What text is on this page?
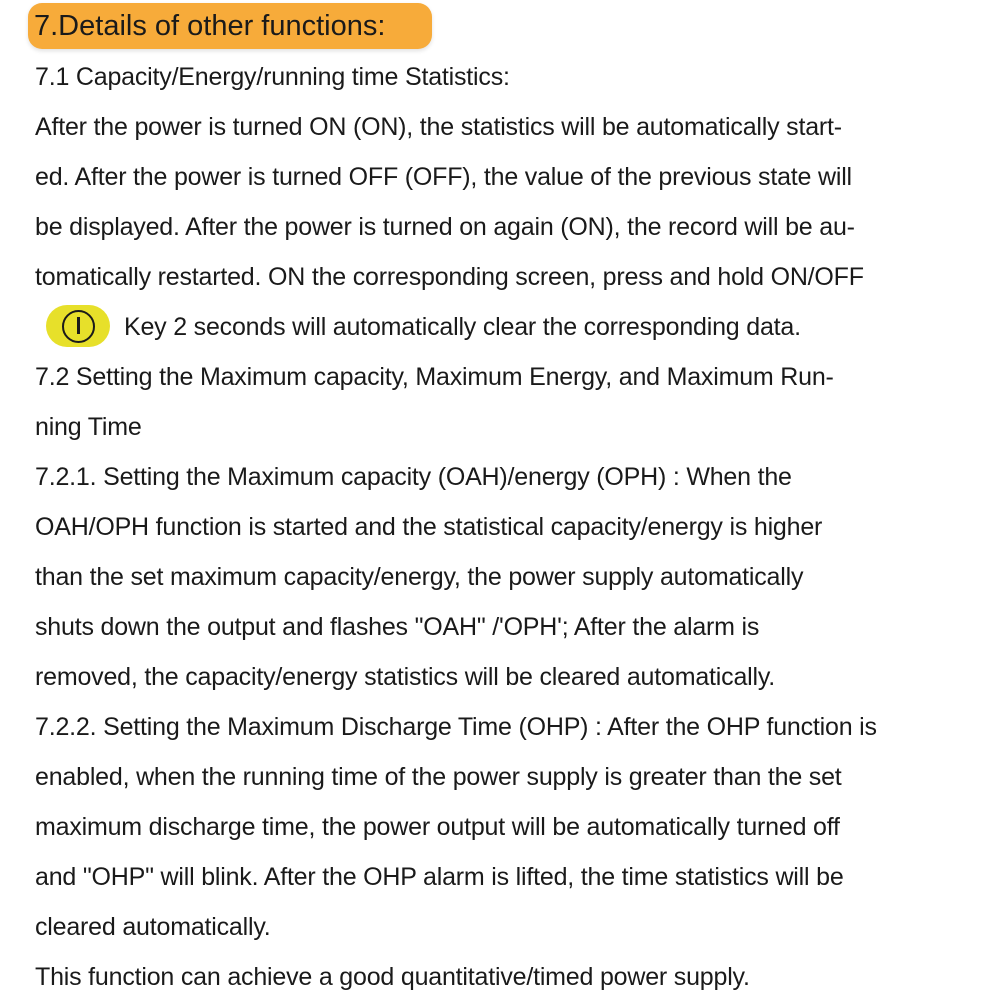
7.Details of other functions:
7.1 Capacity/Energy/running time Statistics:
After the power is turned ON (ON), the statistics will be automatically start-
ed. After the power is turned OFF (OFF), the value of the previous state will
be displayed. After the power is turned on again (ON), the record will be au-
tomatically restarted. ON the corresponding screen, press and hold ON/OFF
Key 2 seconds will automatically clear the corresponding data.
7.2 Setting the Maximum capacity, Maximum Energy, and Maximum Run-
ning Time
7.2.1. Setting the Maximum capacity (OAH)/energy (OPH) : When the
OAH/OPH function is started and the statistical capacity/energy is higher
than the set maximum capacity/energy, the power supply automatically
shuts down the output and flashes "OAH" /'OPH'; After the alarm is
removed, the capacity/energy statistics will be cleared automatically.
7.2.2. Setting the Maximum Discharge Time (OHP) : After the OHP function is
enabled, when the running time of the power supply is greater than the set
maximum discharge time, the power output will be automatically turned off
and "OHP" will blink. After the OHP alarm is lifted, the time statistics will be
cleared automatically.
This function can achieve a good quantitative/timed power supply.
